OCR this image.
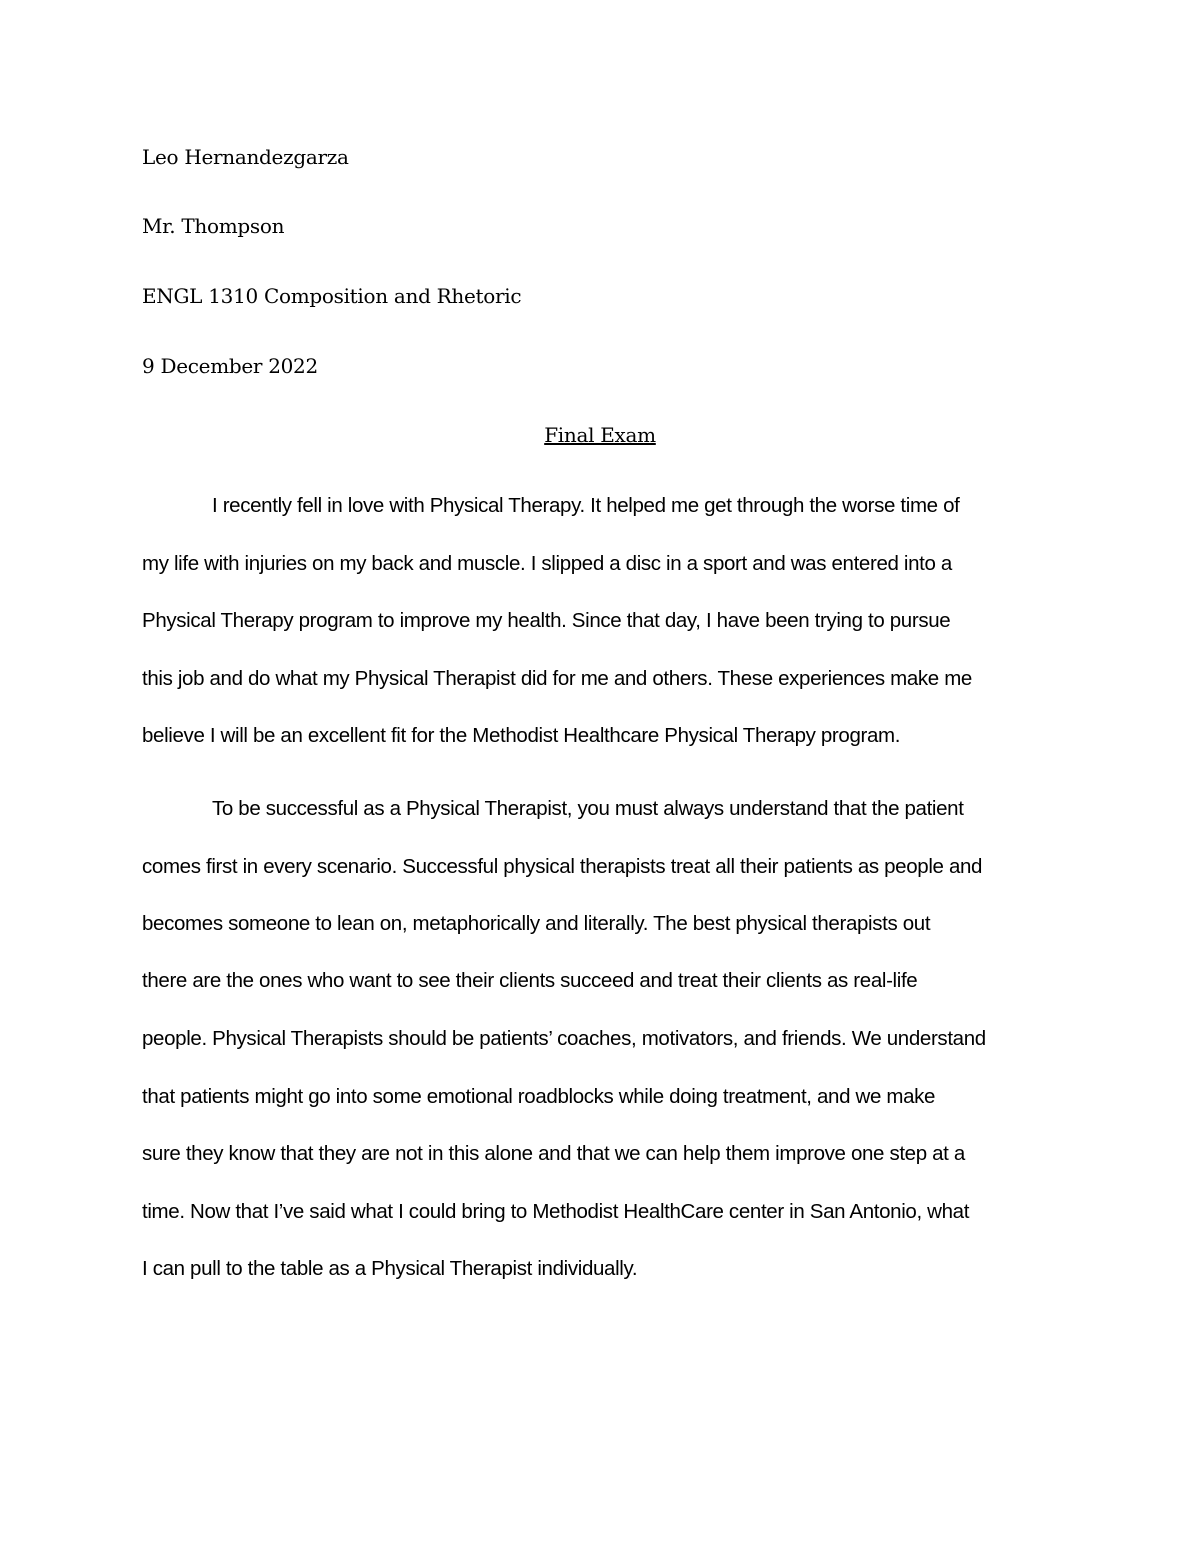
Leo Hernandezgarza
Mr. Thompson
ENGL 1310 Composition and Rhetoric
9 December 2022
Final Exam
I recently fell in love with Physical Therapy. It helped me get through the worse time of
my life with injuries on my back and muscle. I slipped a disc in a sport and was entered into a
Physical Therapy program to improve my health. Since that day, I have been trying to pursue
this job and do what my Physical Therapist did for me and others. These experiences make me
believe I will be an excellent fit for the Methodist Healthcare Physical Therapy program.
To be successful as a Physical Therapist, you must always understand that the patient
comes first in every scenario. Successful physical therapists treat all their patients as people and
becomes someone to lean on, metaphorically and literally. The best physical therapists out
there are the ones who want to see their clients succeed and treat their clients as real-life
people. Physical Therapists should be patients’ coaches, motivators, and friends. We understand
that patients might go into some emotional roadblocks while doing treatment, and we make
sure they know that they are not in this alone and that we can help them improve one step at a
time. Now that I’ve said what I could bring to Methodist HealthCare center in San Antonio, what
I can pull to the table as a Physical Therapist individually.
